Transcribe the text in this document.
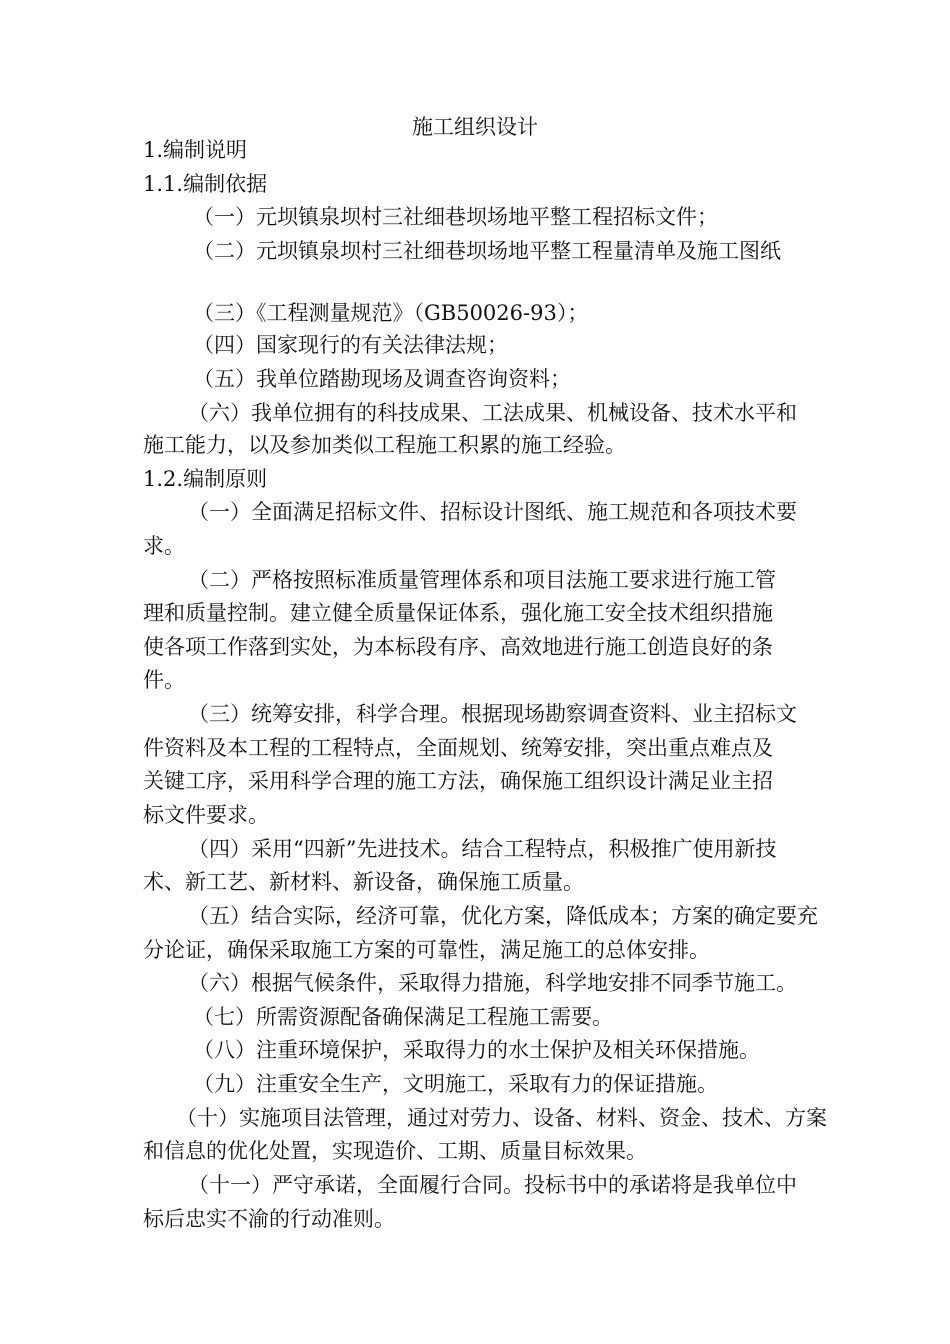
施工组织设计
1.编制说明
1.1.编制依据
（一）元坝镇泉坝村三社细巷坝场地平整工程招标文件；
（二）元坝镇泉坝村三社细巷坝场地平整工程量清单及施工图纸
（三）《工程测量规范》（GB50026-93）；
（四）国家现行的有关法律法规；
（五）我单位踏勘现场及调查咨询资料；
（六）我单位拥有的科技成果、工法成果、机械设备、技术水平和
施工能力，以及参加类似工程施工积累的施工经验。
1.2.编制原则
（一）全面满足招标文件、招标设计图纸、施工规范和各项技术要
求。
（二）严格按照标准质量管理体系和项目法施工要求进行施工管
理和质量控制。建立健全质量保证体系，强化施工安全技术组织措施
使各项工作落到实处，为本标段有序、高效地进行施工创造良好的条
件。
（三）统筹安排，科学合理。根据现场勘察调查资料、业主招标文
件资料及本工程的工程特点，全面规划、统筹安排，突出重点难点及
关键工序，采用科学合理的施工方法，确保施工组织设计满足业主招
标文件要求。
（四）采用“四新”先进技术。结合工程特点，积极推广使用新技
术、新工艺、新材料、新设备，确保施工质量。
（五）结合实际，经济可靠，优化方案，降低成本；方案的确定要充
分论证，确保采取施工方案的可靠性，满足施工的总体安排。
（六）根据气候条件，采取得力措施，科学地安排不同季节施工。
（七）所需资源配备确保满足工程施工需要。
（八）注重环境保护，采取得力的水土保护及相关环保措施。
（九）注重安全生产，文明施工，采取有力的保证措施。
（十）实施项目法管理，通过对劳力、设备、材料、资金、技术、方案
和信息的优化处置，实现造价、工期、质量目标效果。
（十一）严守承诺，全面履行合同。投标书中的承诺将是我单位中
标后忠实不渝的行动准则。
